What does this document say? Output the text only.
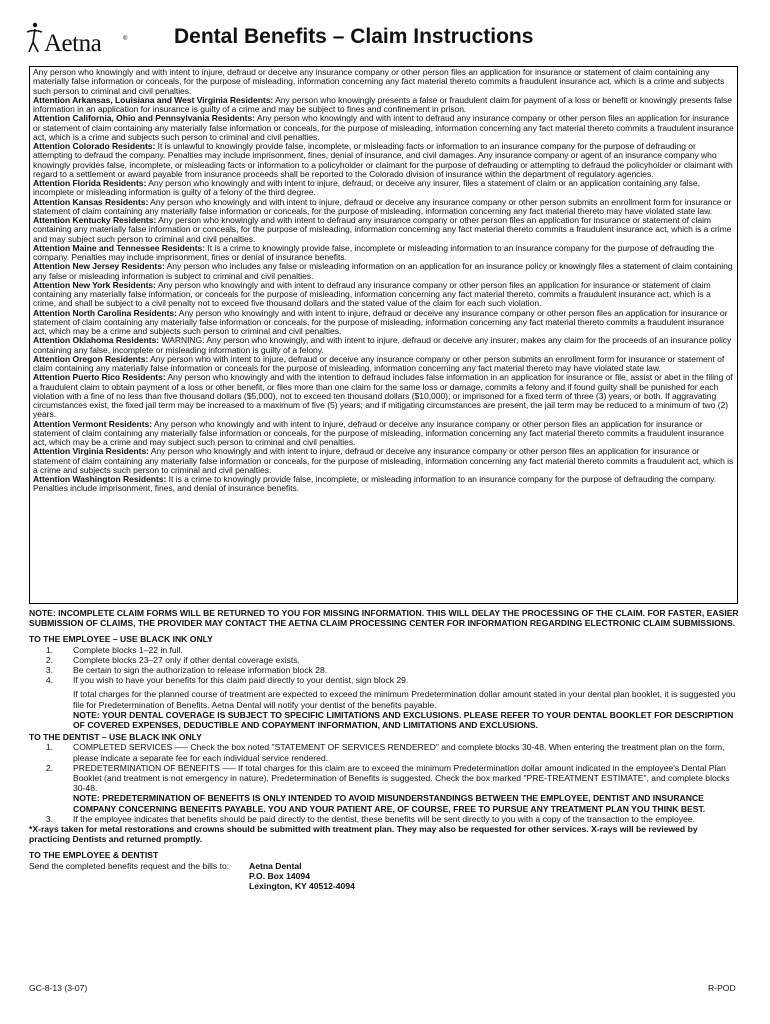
Aetna	® Dental Benefits – Claim Instructions

Any person who knowingly and with intent to injure, defraud or deceive any insurance company or other person files an application for insurance or statement of claim containing any materially false information or conceals, for the purpose of misleading, information concerning any fact material thereto commits a fraudulent insurance act, which is a crime and subjects such person to criminal and civil penalties.

Attention Arkansas, Louisiana and West Virginia Residents: Any person who knowingly presents a false or fraudulent claim for payment of a loss or benefit or knowingly presents false information in an application for insurance is guilty of a crime and may be subject to fines and confinement in prison.

Attention California, Ohio and Pennsylvania Residents: Any person who knowingly and with intent to defraud any insurance company or other person files an application for insurance or statement of claim containing any materially false information or conceals, for the purpose of misleading, information concerning any fact material thereto commits a fraudulent insurance act, which is a crime and subjects such person to criminal and civil penalties.

Attention Colorado Residents: It is unlawful to knowingly provide false, incomplete, or misleading facts or information to an insurance company for the purpose of defrauding or attempting to defraud the company. Penalties may include imprisonment, fines, denial of insurance, and civil damages. Any insurance company or agent of an insurance company who knowingly provides false, incomplete, or misleading facts or information to a policyholder or claimant for the purpose of defrauding or attempting to defraud the policyholder or claimant with regard to a settlement or award payable from insurance proceeds shall be reported to the Colorado division of insurance within the department of regulatory agencies.

Attention Florida Residents: Any person who knowingly and with intent to injure, defraud, or deceive any insurer, files a statement of claim or an application containing any false, incomplete or misleading information is guilty of a felony of the third degree.

Attention Kansas Residents: Any person who knowingly and with intent to injure, defraud or deceive any insurance company or other person submits an enrollment form for insurance or statement of claim containing any materially false information or conceals, for the purpose of misleading, information concerning any fact material thereto may have violated state law.

Attention Kentucky Residents: Any person who knowingly and with intent to defraud any insurance company or other person files an application for insurance or statement of claim containing any materially false information or conceals, for the purpose of misleading, information concerning any fact material thereto commits a fraudulent insurance act, which is a crime and may subject such person to criminal and civil penalties.

Attention Maine and Tennessee Residents: It is a crime to knowingly provide false, incomplete or misleading information to an insurance company for the purpose of defrauding the company. Penalties may include imprisonment, fines or denial of insurance benefits.

Attention New Jersey Residents: Any person who includes any false or misleading information on an application for an insurance policy or knowingly files a statement of claim containing any false or misleading information is subject to criminal and civil penalties.

Attention New York Residents: Any person who knowingly and with intent to defraud any insurance company or other person files an application for insurance or statement of claim containing any materially false information, or conceals for the purpose of misleading, information concerning any fact material thereto, commits a fraudulent insurance act, which is a crime, and shall be subject to a civil penalty not to exceed five thousand dollars and the stated value of the claim for each such violation.

Attention North Carolina Residents: Any person who knowingly and with intent to injure, defraud or deceive any insurance company or other person files an application for insurance or statement of claim containing any materially false information or conceals, for the purpose of misleading, information concerning any fact material thereto commits a fraudulent insurance act, which may be a crime and subjects such person to criminal and civil penalties.

Attention Oklahoma Residents: WARNING: Any person who knowingly, and with intent to injure, defraud or deceive any insurer, makes any claim for the proceeds of an insurance policy containing any false, incomplete or misleading information is guilty of a felony.

Attention Oregon Residents: Any person who with intent to injure, defraud or deceive any insurance company or other person submits an enrollment form for insurance or statement of claim containing any materially false information or conceals for the purpose of misleading, information concerning any fact material thereto may have violated state law.

Attention Puerto Rico Residents: Any person who knowingly and with the intention to defraud includes false information in an application for insurance or file, assist or abet in the filing of a fraudulent claim to obtain payment of a loss or other benefit, or files more than one claim for the same loss or damage, commits a felony and if found guilty shall be punished for each violation with a fine of no less than five thousand dollars ($5,000), not to exceed ten thousand dollars ($10,000); or imprisoned for a fixed term of three (3) years, or both. If aggravating circumstances exist, the fixed jail term may be increased to a maximum of five (5) years; and if mitigating circumstances are present, the jail term may be reduced to a minimum of two (2) years.

Attention Vermont Residents: Any person who knowingly and with intent to injure, defraud or deceive any insurance company or other person files an application for insurance or statement of claim containing any materially false information or conceals, for the purpose of misleading, information concerning any fact material thereto commits a fraudulent insurance act, which may be a crime and may subject such person to criminal and civil penalties.

Attention Virginia Residents: Any person who knowingly and with intent to injure, defraud or deceive any insurance company or other person files an application for insurance or statement of claim containing any materially false information or conceals, for the purpose of misleading, information concerning any fact material thereto commits a fraudulent act, which is a crime and subjects such person to criminal and civil penalties.

Attention Washington Residents: It is a crime to knowingly provide false, incomplete, or misleading information to an insurance company for the purpose of defrauding the company. Penalties include imprisonment, fines, and denial of insurance benefits.

NOTE: INCOMPLETE CLAIM FORMS WILL BE RETURNED TO YOU FOR MISSING INFORMATION. THIS WILL DELAY THE PROCESSING OF THE CLAIM. FOR FASTER, EASIER SUBMISSION OF CLAIMS, THE PROVIDER MAY CONTACT THE AETNA CLAIM PROCESSING CENTER FOR INFORMATION REGARDING ELECTRONIC CLAIM SUBMISSIONS.

TO THE EMPLOYEE – USE BLACK INK ONLY

1.	Complete blocks 1–22 in full.
2.	Complete blocks 23–27 only if other dental coverage exists.
3.	Be certain to sign the authorization to release information block 28.
4.	If you wish to have your benefits for this claim paid directly to your dentist, sign block 29.

If total charges for the planned course of treatment are expected to exceed the minimum Predetermination dollar amount stated in your dental plan booklet, it is suggested you file for Predetermination of Benefits. Aetna Dental will notify your dentist of the benefits payable.

NOTE: YOUR DENTAL COVERAGE IS SUBJECT TO SPECIFIC LIMITATIONS AND EXCLUSIONS. PLEASE REFER TO YOUR DENTAL BOOKLET FOR DESCRIPTION OF COVERED EXPENSES, DEDUCTIBLE AND COPAYMENT INFORMATION, AND LIMITATIONS AND EXCLUSIONS.

TO THE DENTIST – USE BLACK INK ONLY

1.	COMPLETED SERVICES —– Check the box noted "STATEMENT OF SERVICES RENDERED" and complete blocks 30-48. When entering the treatment plan on the form, please indicate a separate fee for each individual service rendered.
2.	PREDETERMINATION OF BENEFITS —– If total charges for this claim are to exceed the minimum Predetermination dollar amount indicated in the employee's Dental Plan Booklet (and treatment is not emergency in nature), Predetermination of Benefits is suggested. Check the box marked "PRE-TREATMENT ESTIMATE", and complete blocks 30-48.

NOTE: PREDETERMINATION OF BENEFITS IS ONLY INTENDED TO AVOID MISUNDERSTANDINGS BETWEEN THE EMPLOYEE, DENTIST AND INSURANCE COMPANY CONCERNING BENEFITS PAYABLE. YOU AND YOUR PATIENT ARE, OF COURSE, FREE TO PURSUE ANY TREATMENT PLAN YOU THINK BEST.

3.	If the employee indicates that benefits should be paid directly to the dentist, these benefits will be sent directly to you with a copy of the transaction to the employee.

*X-rays taken for metal restorations and crowns should be submitted with treatment plan. They may also be requested for other services. X-rays will be reviewed by practicing Dentists and returned promptly.

TO THE EMPLOYEE & DENTIST

Send the completed benefits request and the bills to:	Aetna Dental
P.O. Box 14094
Lexington, KY 40512-4094
GC-8-13 (3-07)	R-POD
